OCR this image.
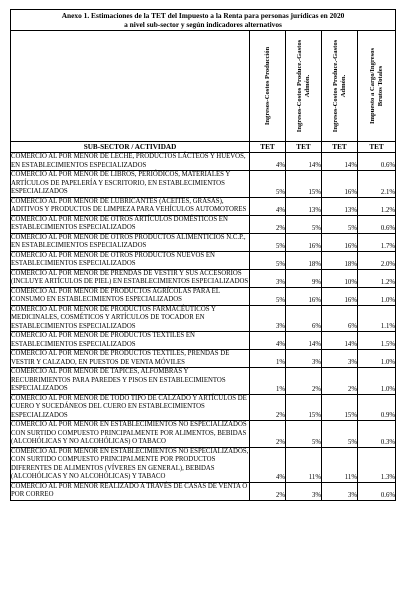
Anexo 1. Estimaciones de la TET del Impuesto a la Renta para personas jurídicas en 2020
a nivel sub-sector y según indicadores alternativos				

	Ingresos-Costos Producción	Ingresos-Costos Produce.-Gastos Admón.	Ingresos-Costos Produce.-Gastos Admón.	Impuesto a Cargo/Ingresos Brutos Totales

SUB-SECTOR / ACTIVIDAD	TET	TET	TET	TET
COMERCIO AL POR MENOR DE LECHE, PRODUCTOS LÁCTEOS Y HUEVOS, EN ESTABLECIMIENTOS ESPECIALIZADOS	4%	14%	14%	0.6%
COMERCIO AL POR MENOR DE LIBROS, PERIÓDICOS, MATERIALES Y ARTÍCULOS DE PAPELERÍA Y ESCRITORIO, EN ESTABLECIMIENTOS ESPECIALIZADOS	5%	15%	16%	2.1%
COMERCIO AL POR MENOR DE LUBRICANTES (ACEITES, GRASAS), ADITIVOS Y PRODUCTOS DE LIMPIEZA PARA VEHÍCULOS AUTOMOTORES	4%	13%	13%	1.2%
COMERCIO AL POR MENOR DE OTROS ARTÍCULOS DOMÉSTICOS EN ESTABLECIMIENTOS ESPECIALIZADOS	2%	5%	5%	0.6%
COMERCIO AL POR MENOR DE OTROS PRODUCTOS ALIMENTICIOS N.C.P., EN ESTABLECIMIENTOS ESPECIALIZADOS	5%	16%	16%	1.7%
COMERCIO AL POR MENOR DE OTROS PRODUCTOS NUEVOS EN ESTABLECIMIENTOS ESPECIALIZADOS	5%	18%	18%	2.0%
COMERCIO AL POR MENOR DE PRENDAS DE VESTIR Y SUS ACCESORIOS (INCLUYE ARTÍCULOS DE PIEL) EN ESTABLECIMIENTOS ESPECIALIZADOS	3%	9%	10%	1.2%
COMERCIO AL POR MENOR DE PRODUCTOS AGRÍCOLAS PARA EL CONSUMO EN ESTABLECIMIENTOS ESPECIALIZADOS	5%	16%	16%	1.0%
COMERCIO AL POR MENOR DE PRODUCTOS FARMACÉUTICOS Y MEDICINALES, COSMÉTICOS Y ARTÍCULOS DE TOCADOR EN ESTABLECIMIENTOS ESPECIALIZADOS	3%	6%	6%	1.1%
COMERCIO AL POR MENOR DE PRODUCTOS TEXTILES EN ESTABLECIMIENTOS ESPECIALIZADOS	4%	14%	14%	1.5%
COMERCIO AL POR MENOR DE PRODUCTOS TEXTILES, PRENDAS DE VESTIR Y CALZADO, EN PUESTOS DE VENTA MÓVILES	1%	3%	3%	1.0%
COMERCIO AL POR MENOR DE TAPICES, ALFOMBRAS Y RECUBRIMIENTOS PARA PAREDES Y PISOS EN ESTABLECIMIENTOS ESPECIALIZADOS	1%	2%	2%	1.0%
COMERCIO AL POR MENOR DE TODO TIPO DE CALZADO Y ARTÍCULOS DE CUERO Y SUCEDÁNEOS DEL CUERO EN ESTABLECIMIENTOS ESPECIALIZADOS	2%	15%	15%	0.9%
COMERCIO AL POR MENOR EN ESTABLECIMIENTOS NO ESPECIALIZADOS CON SURTIDO COMPUESTO PRINCIPALMENTE POR ALIMENTOS, BEBIDAS (ALCOHÓLICAS Y NO ALCOHÓLICAS) O TABACO	2%	5%	5%	0.3%
COMERCIO AL POR MENOR EN ESTABLECIMIENTOS NO ESPECIALIZADOS, CON SURTIDO COMPUESTO PRINCIPALMENTE POR PRODUCTOS DIFERENTES DE ALIMENTOS (VÍVERES EN GENERAL), BEBIDAS (ALCOHÓLICAS Y NO ALCOHÓLICAS) Y TABACO	4%	11%	11%	1.3%
COMERCIO AL POR MENOR REALIZADO A TRAVÉS DE CASAS DE VENTA O POR CORREO	2%	3%	3%	0.6%
